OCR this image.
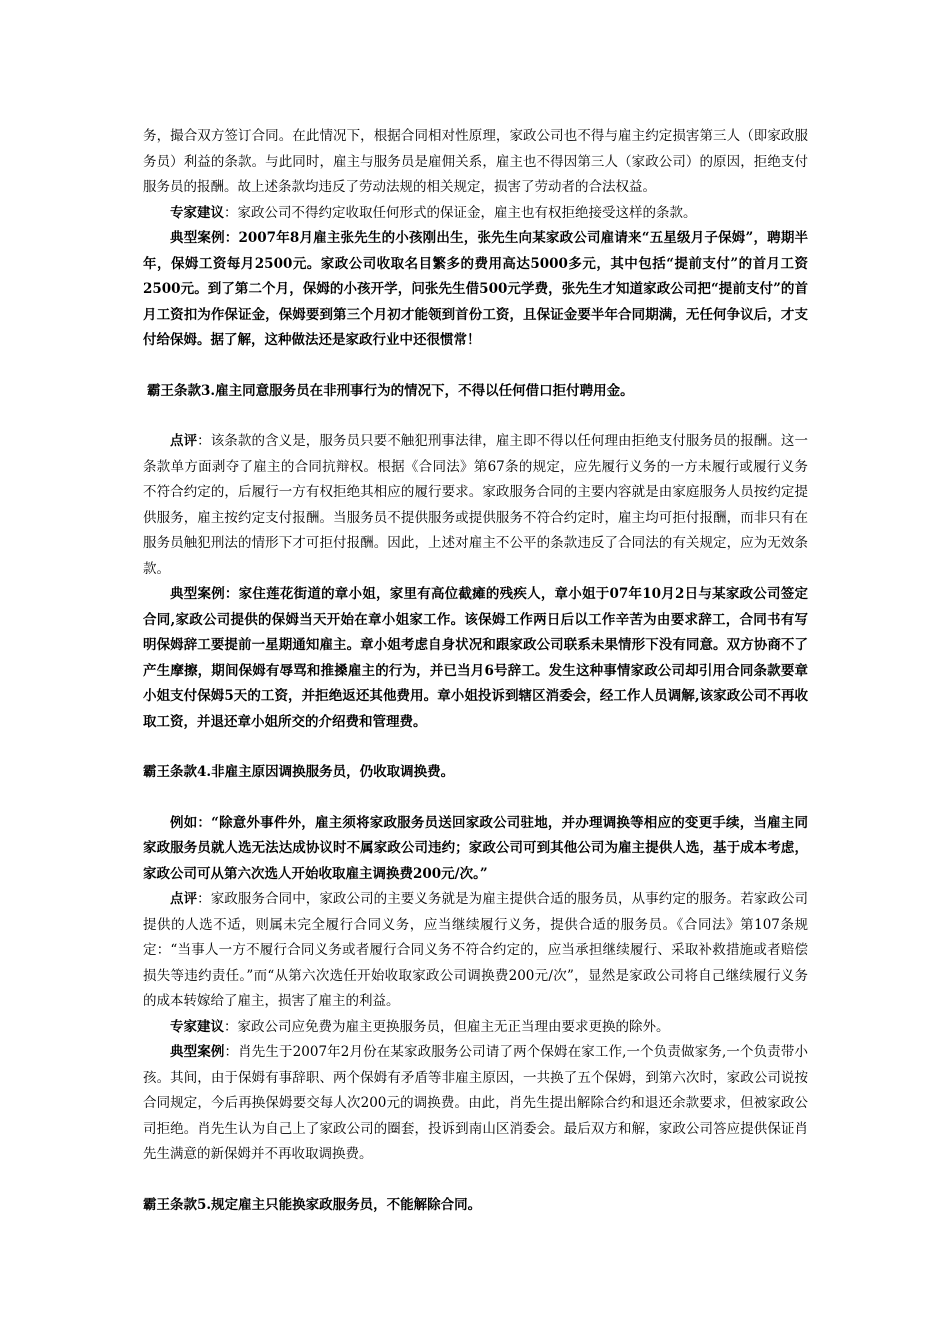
务，撮合双方签订合同。在此情况下，根据合同相对性原理，家政公司也不得与雇主约定损害第三人（即家政服务员）利益的条款。与此同时，雇主与服务员是雇佣关系，雇主也不得因第三人（家政公司）的原因，拒绝支付服务员的报酬。故上述条款均违反了劳动法规的相关规定，损害了劳动者的合法权益。

专家建议：家政公司不得约定收取任何形式的保证金，雇主也有权拒绝接受这样的条款。

典型案例：2007年8月雇主张先生的小孩刚出生，张先生向某家政公司雇请来“五星级月子保姆”，聘期半年，保姆工资每月2500元。家政公司收取名目繁多的费用高达5000多元，其中包括“提前支付”的首月工资2500元。到了第二个月，保姆的小孩开学，问张先生借500元学费，张先生才知道家政公司把“提前支付”的首月工资扣为作保证金，保姆要到第三个月初才能领到首份工资，且保证金要半年合同期满，无任何争议后，才支付给保姆。据了解，这种做法还是家政行业中还很惯常！

霸王条款3.雇主同意服务员在非刑事行为的情况下，不得以任何借口拒付聘用金。

点评：该条款的含义是，服务员只要不触犯刑事法律，雇主即不得以任何理由拒绝支付服务员的报酬。这一条款单方面剥夺了雇主的合同抗辩权。根据《合同法》第67条的规定，应先履行义务的一方未履行或履行义务不符合约定的，后履行一方有权拒绝其相应的履行要求。家政服务合同的主要内容就是由家庭服务人员按约定提供服务，雇主按约定支付报酬。当服务员不提供服务或提供服务不符合约定时，雇主均可拒付报酬，而非只有在服务员触犯刑法的情形下才可拒付报酬。因此，上述对雇主不公平的条款违反了合同法的有关规定，应为无效条款。

典型案例：家住莲花街道的章小姐，家里有高位截瘫的残疾人，章小姐于07年10月2日与某家政公司签定合同,家政公司提供的保姆当天开始在章小姐家工作。该保姆工作两日后以工作辛苦为由要求辞工，合同书有写明保姆辞工要提前一星期通知雇主。章小姐考虑自身状况和跟家政公司联系未果情形下没有同意。双方协商不了产生摩擦，期间保姆有辱骂和推搡雇主的行为，并已当月6号辞工。发生这种事情家政公司却引用合同条款要章小姐支付保姆5天的工资，并拒绝返还其他费用。章小姐投诉到辖区消委会，经工作人员调解,该家政公司不再收取工资，并退还章小姐所交的介绍费和管理费。

霸王条款4.非雇主原因调换服务员，仍收取调换费。

例如：“除意外事件外，雇主须将家政服务员送回家政公司驻地，并办理调换等相应的变更手续，当雇主同家政服务员就人选无法达成协议时不属家政公司违约；家政公司可到其他公司为雇主提供人选，基于成本考虑，家政公司可从第六次选人开始收取雇主调换费200元/次。”

点评：家政服务合同中，家政公司的主要义务就是为雇主提供合适的服务员，从事约定的服务。若家政公司提供的人选不适，则属未完全履行合同义务，应当继续履行义务，提供合适的服务员。《合同法》第107条规定：“当事人一方不履行合同义务或者履行合同义务不符合约定的，应当承担继续履行、采取补救措施或者赔偿损失等违约责任。”而“从第六次选任开始收取家政公司调换费200元/次”，显然是家政公司将自己继续履行义务的成本转嫁给了雇主，损害了雇主的利益。

专家建议：家政公司应免费为雇主更换服务员，但雇主无正当理由要求更换的除外。

典型案例：肖先生于2007年2月份在某家政服务公司请了两个保姆在家工作,一个负责做家务,一个负责带小孩。其间，由于保姆有事辞职、两个保姆有矛盾等非雇主原因，一共换了五个保姆，到第六次时，家政公司说按合同规定，今后再换保姆要交每人次200元的调换费。由此，肖先生提出解除合约和退还余款要求，但被家政公司拒绝。肖先生认为自己上了家政公司的圈套，投诉到南山区消委会。最后双方和解，家政公司答应提供保证肖先生满意的新保姆并不再收取调换费。

霸王条款5.规定雇主只能换家政服务员，不能解除合同。
